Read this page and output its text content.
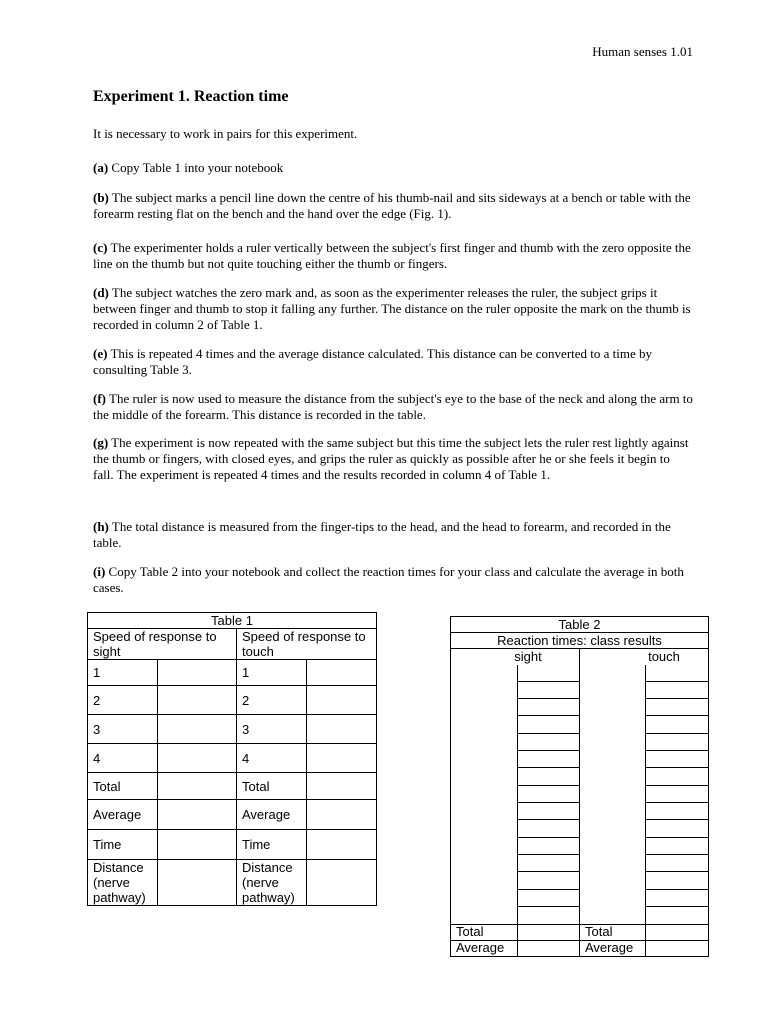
Human senses 1.01
Experiment 1. Reaction time
It is necessary to work in pairs for this experiment.
(a) Copy Table 1 into your notebook
(b) The subject marks a pencil line down the centre of his thumb-nail and sits sideways at a bench or table with the forearm resting flat on the bench and the hand over the edge (Fig. 1).
(c) The experimenter holds a ruler vertically between the subject's first finger and thumb with the zero opposite the line on the thumb but not quite touching either the thumb or fingers.
(d) The subject watches the zero mark and, as soon as the experimenter releases the ruler, the subject grips it between finger and thumb to stop it falling any further. The distance on the ruler opposite the mark on the thumb is recorded in column 2 of Table 1.
(e) This is repeated 4 times and the average distance calculated. This distance can be converted to a time by consulting Table 3.
(f) The ruler is now used to measure the distance from the subject's eye to the base of the neck and along the arm to the middle of the forearm. This distance is recorded in the table.
(g) The experiment is now repeated with the same subject but this time the subject lets the ruler rest lightly against the thumb or fingers, with closed eyes, and grips the ruler as quickly as possible after he or she feels it begin to fall. The experiment is repeated 4 times and the results recorded in column 4 of Table 1.
(h) The total distance is measured from the finger-tips to the head, and the head to forearm, and recorded in the table.
(i) Copy Table 2 into your notebook and collect the reaction times for your class and calculate the average in both cases.
Table 1			
Speed of response to sight		Speed of response to touch	
1		1	
2		2	
3		3	
4		4	
Total		Total	
Average		Average	
Time		Time	
Distance (nerve pathway)		Distance (nerve pathway)	
Table 2			
Reaction times: class results			
sight		touch	

Total		Total	
Average		Average	
